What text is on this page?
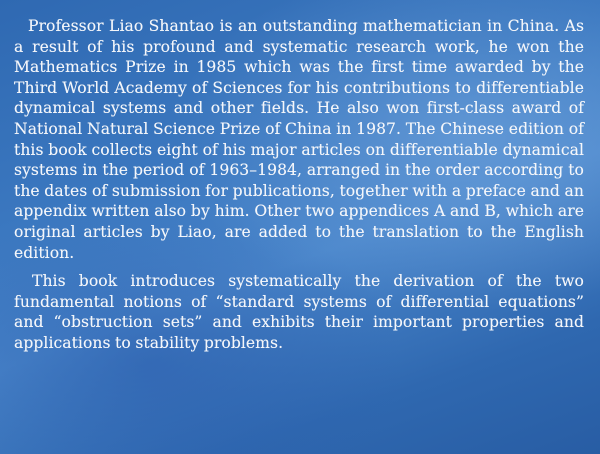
Professor Liao Shantao is an outstanding mathematician in China. As a result of his profound and systematic research work, he won the Mathematics Prize in 1985 which was the first time awarded by the Third World Academy of Sciences for his contributions to differentiable dynamical systems and other fields. He also won first-class award of National Natural Science Prize of China in 1987. The Chinese edition of this book collects eight of his major articles on differentiable dynamical systems in the period of 1963–1984, arranged in the order according to the dates of submission for publications, together with a preface and an appendix written also by him. Other two appendices A and B, which are original articles by Liao, are added to the translation to the English edition.

This book introduces systematically the derivation of the two fundamental notions of “standard systems of differential equations” and “obstruction sets” and exhibits their important properties and applications to stability problems.
